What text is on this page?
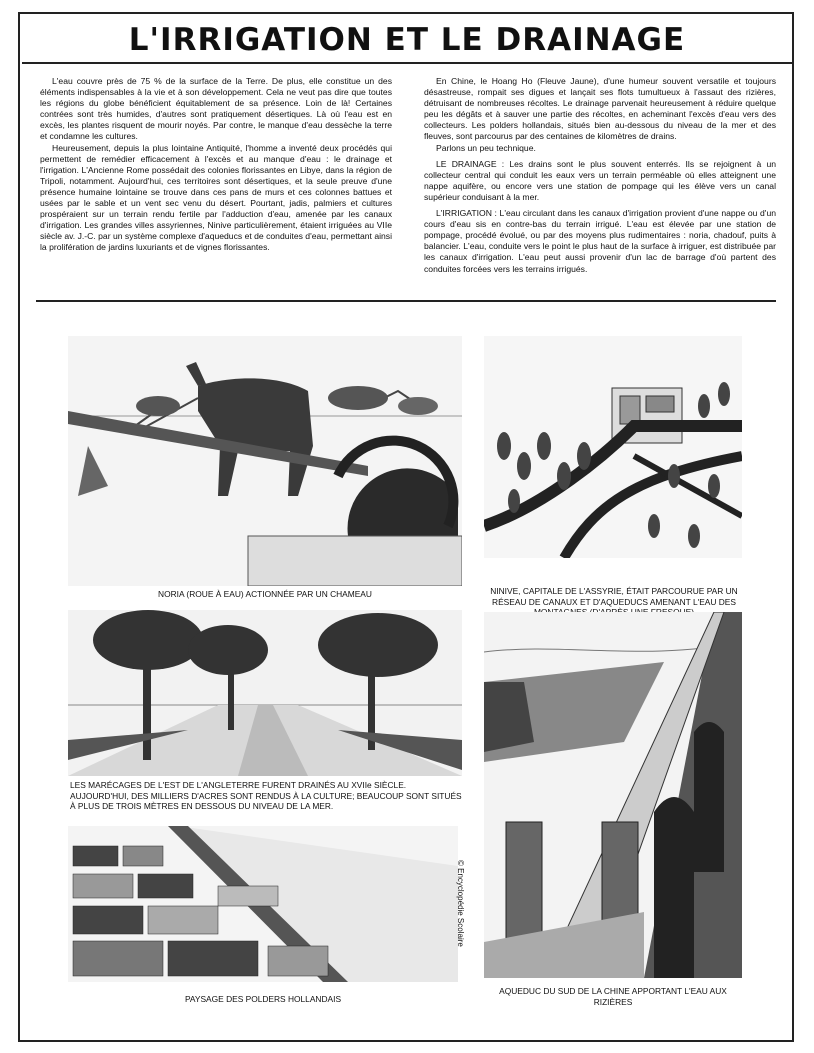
L'IRRIGATION ET LE DRAINAGE

L'eau couvre près de 75 % de la surface de la Terre. De plus, elle constitue un des éléments indispensables à la vie et à son développement. Cela ne veut pas dire que toutes les régions du globe bénéficient équitablement de sa présence. Loin de là! Certaines contrées sont très humides, d'autres sont pratiquement désertiques. Là où l'eau est en excès, les plantes risquent de mourir noyés. Par contre, le manque d'eau dessèche la terre et condamne les cultures.

Heureusement, depuis la plus lointaine Antiquité, l'homme a inventé deux procédés qui permettent de remédier efficacement à l'excès et au manque d'eau : le drainage et l'irrigation. L'Ancienne Rome possédait des colonies florissantes en Libye, dans la région de Tripoli, notamment. Aujourd'hui, ces territoires sont désertiques, et la seule preuve d'une présence humaine lointaine se trouve dans ces pans de murs et ces colonnes battues et usées par le sable et un vent sec venu du désert. Pourtant, jadis, palmiers et cultures prospéraient sur un terrain rendu fertile par l'adduction d'eau, amenée par les canaux d'irrigation. Les grandes villes assyriennes, Ninive particulièrement, étaient irriguées au VIIe siècle av. J.-C. par un système complexe d'aqueducs et de conduites d'eau, permettant ainsi la prolifération de jardins luxuriants et de vignes florissantes.

En Chine, le Hoang Ho (Fleuve Jaune), d'une humeur souvent versatile et toujours désastreuse, rompait ses digues et lançait ses flots tumultueux à l'assaut des rizières, détruisant de nombreuses récoltes. Le drainage parvenait heureusement à réduire quelque peu les dégâts et à sauver une partie des récoltes, en acheminant l'excès d'eau vers des collecteurs. Les polders hollandais, situés bien au-dessous du niveau de la mer et des fleuves, sont parcourus par des centaines de kilomètres de drains.

Parlons un peu technique.

LE DRAINAGE : Les drains sont le plus souvent enterrés. Ils se rejoignent à un collecteur central qui conduit les eaux vers un terrain perméable où elles atteignent une nappe aquifère, ou encore vers une station de pompage qui les élève vers un canal supérieur conduisant à la mer.

L'IRRIGATION : L'eau circulant dans les canaux d'irrigation provient d'une nappe ou d'un cours d'eau sis en contre-bas du terrain irrigué. L'eau est élevée par une station de pompage, procédé évolué, ou par des moyens plus rudimentaires : noria, chadouf, puits à balancier. L'eau, conduite vers le point le plus haut de la surface à irriguer, est distribuée par les canaux d'irrigation. L'eau peut aussi provenir d'un lac de barrage d'où partent des conduites forcées vers les terrains irrigués.

NORIA (ROUE À EAU) ACTIONNÉE PAR UN CHAMEAU	NINIVE, CAPITALE DE L'ASSYRIE, ÉTAIT PARCOURUE PAR UN RÉSEAU DE CANAUX ET D'AQUEDUCS AMENANT L'EAU DES
LES MARÉCAGES DE L'EST DE L'ANGLETERRE FURENT DRAINÉS AU XVIIe SIÈCLE. AUJOURD'HUI, DES MILLIERS D'ACRES SONT RENDUS À LA CULTURE; BEAUCOUP SONT SITUÉS À PLUS DE TROIS MÈTRES EN DESSOUS DU NIVEAU DE LA MER.
AQUEDUC DU SUD DE LA CHINE APPORTANT L'EAU AUX RIZIÈRES
PAYSAGE DES POLDERS HOLLANDAIS
© Encyclopédie Scolaire
